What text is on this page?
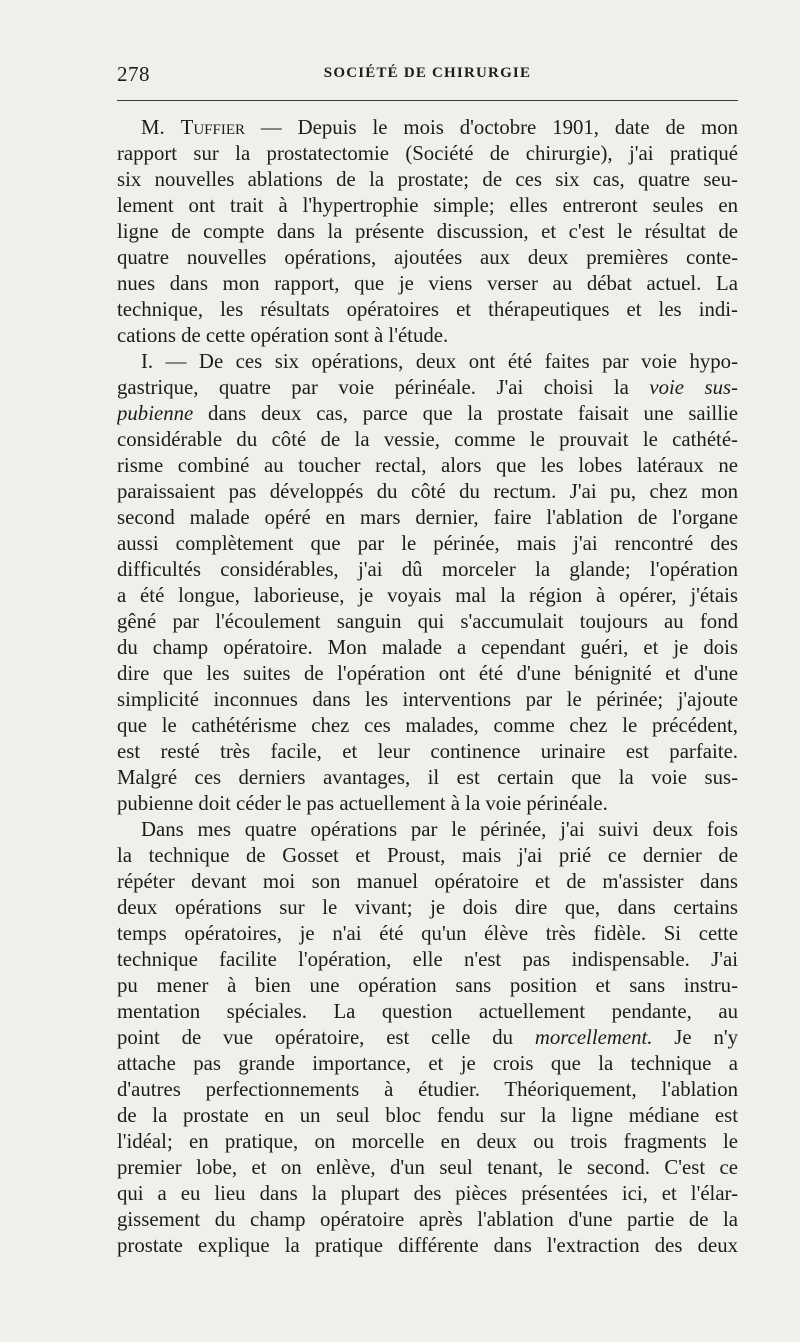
278	SOCIÉTÉ DE CHIRURGIE
M. Tuffier — Depuis le mois d'octobre 1901, date de mon
rapport sur la prostatectomie (Société de chirurgie), j'ai pratiqué
six nouvelles ablations de la prostate; de ces six cas, quatre seu-
lement ont trait à l'hypertrophie simple; elles entreront seules en
ligne de compte dans la présente discussion, et c'est le résultat de
quatre nouvelles opérations, ajoutées aux deux premières conte-
nues dans mon rapport, que je viens verser au débat actuel. La
technique, les résultats opératoires et thérapeutiques et les indi-
cations de cette opération sont à l'étude.
I. — De ces six opérations, deux ont été faites par voie hypo-
gastrique, quatre par voie périnéale. J'ai choisi la voie sus-
pubienne dans deux cas, parce que la prostate faisait une saillie
considérable du côté de la vessie, comme le prouvait le cathété-
risme combiné au toucher rectal, alors que les lobes latéraux ne
paraissaient pas développés du côté du rectum. J'ai pu, chez mon
second malade opéré en mars dernier, faire l'ablation de l'organe
aussi complètement que par le périnée, mais j'ai rencontré des
difficultés considérables, j'ai dû morceler la glande; l'opération
a été longue, laborieuse, je voyais mal la région à opérer, j'étais
gêné par l'écoulement sanguin qui s'accumulait toujours au fond
du champ opératoire. Mon malade a cependant guéri, et je dois
dire que les suites de l'opération ont été d'une bénignité et d'une
simplicité inconnues dans les interventions par le périnée; j'ajoute
que le cathétérisme chez ces malades, comme chez le précédent,
est resté très facile, et leur continence urinaire est parfaite.
Malgré ces derniers avantages, il est certain que la voie sus-
pubienne doit céder le pas actuellement à la voie périnéale.
Dans mes quatre opérations par le périnée, j'ai suivi deux fois
la technique de Gosset et Proust, mais j'ai prié ce dernier de
répéter devant moi son manuel opératoire et de m'assister dans
deux opérations sur le vivant; je dois dire que, dans certains
temps opératoires, je n'ai été qu'un élève très fidèle. Si cette
technique facilite l'opération, elle n'est pas indispensable. J'ai
pu mener à bien une opération sans position et sans instru-
mentation spéciales. La question actuellement pendante, au
point de vue opératoire, est celle du morcellement. Je n'y
attache pas grande importance, et je crois que la technique a
d'autres perfectionnements à étudier. Théoriquement, l'ablation
de la prostate en un seul bloc fendu sur la ligne médiane est
l'idéal; en pratique, on morcelle en deux ou trois fragments le
premier lobe, et on enlève, d'un seul tenant, le second. C'est ce
qui a eu lieu dans la plupart des pièces présentées ici, et l'élar-
gissement du champ opératoire après l'ablation d'une partie de la
prostate explique la pratique différente dans l'extraction des deux
